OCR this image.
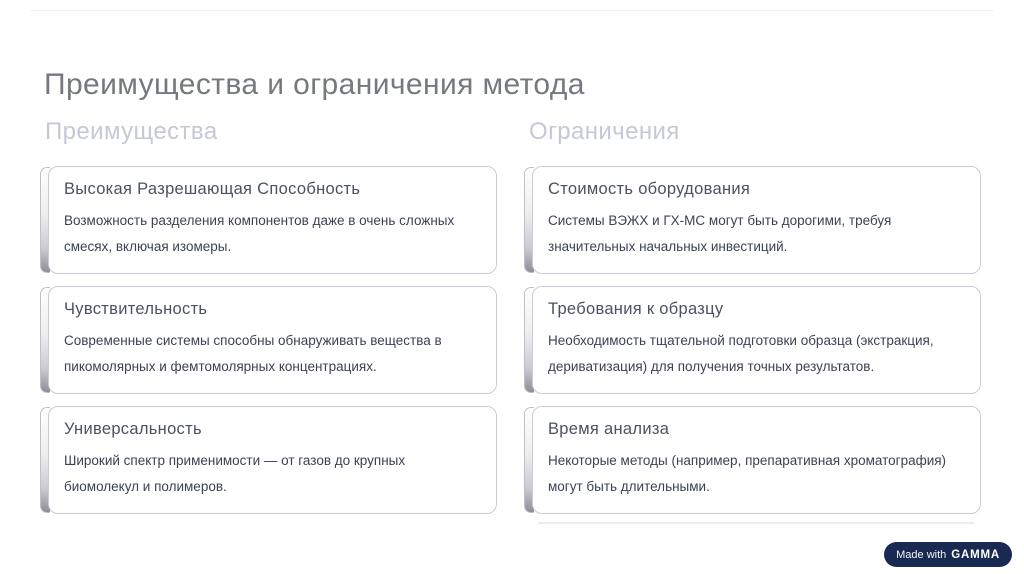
Преимущества и ограничения метода
Преимущества
Высокая Разрешающая Способность

Возможность разделения компонентов даже в очень сложных смесях, включая изомеры.

Чувствительность

Современные системы способны обнаруживать вещества в пикомолярных и фемтомолярных концентрациях.

Универсальность

Широкий спектр применимости — от газов до крупных биомолекул и полимеров.

Ограничения
Стоимость оборудования

Системы ВЭЖХ и ГХ-МС могут быть дорогими, требуя значительных начальных инвестиций.

Требования к образцу

Необходимость тщательной подготовки образца (экстракция, дериватизация) для получения точных результатов.

Время анализа

Некоторые методы (например, препаративная хроматография) могут быть длительными.

Made with GAMMA
